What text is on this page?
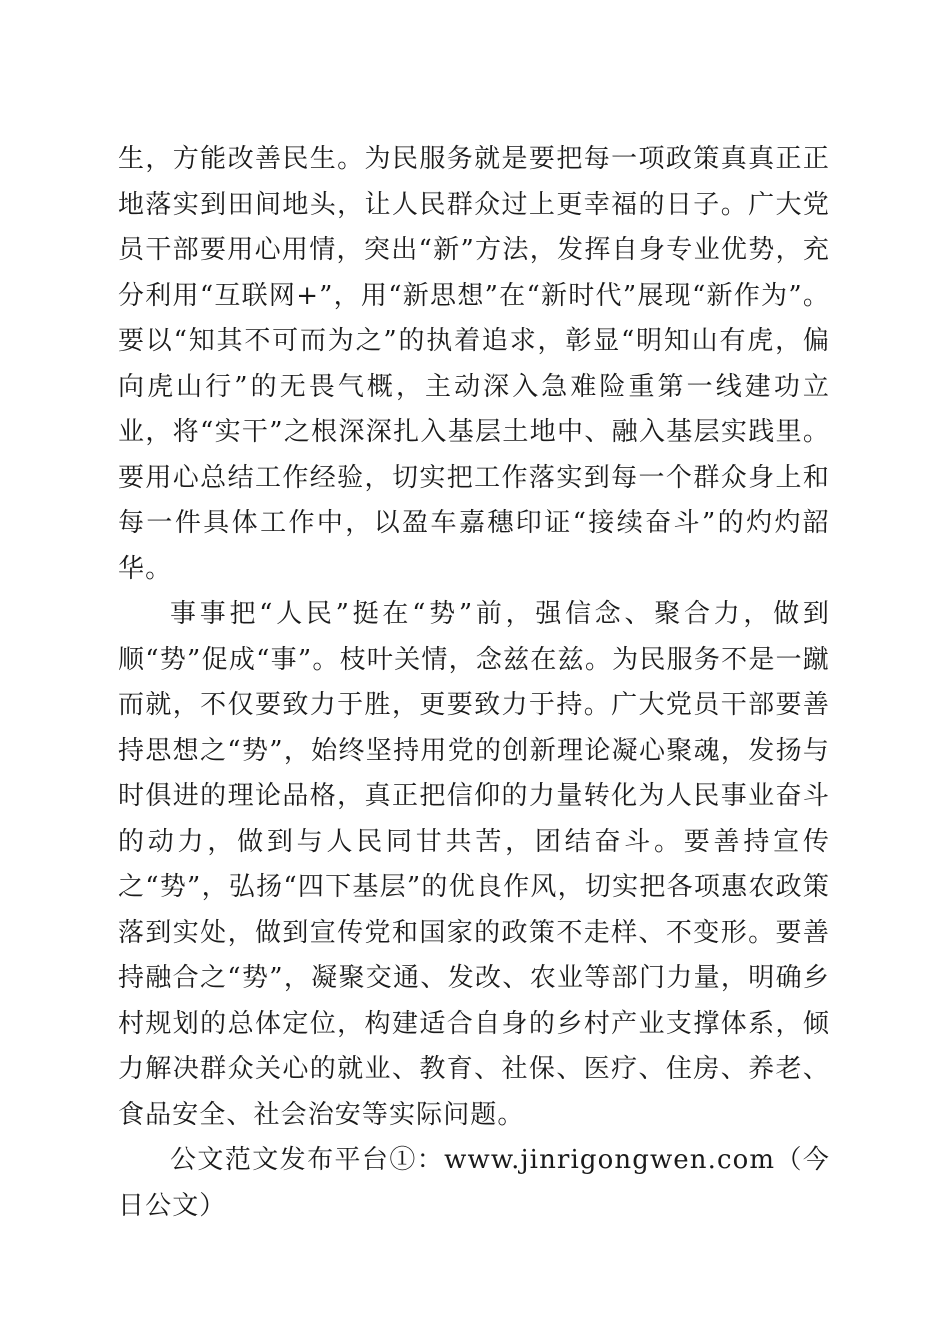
生，方能改善民生。为民服务就是要把每一项政策真真正正地落实到田间地头，让人民群众过上更幸福的日子。广大党员干部要用心用情，突出“新”方法，发挥自身专业优势，充分利用“互联网+”，用“新思想”在“新时代”展现“新作为”。要以“知其不可而为之”的执着追求，彰显“明知山有虎，偏向虎山行”的无畏气概，主动深入急难险重第一线建功立业，将“实干”之根深深扎入基层土地中、融入基层实践里。要用心总结工作经验，切实把工作落实到每一个群众身上和每一件具体工作中，以盈车嘉穗印证“接续奋斗”的灼灼韶华。

事事把“人民”挺在“势”前，强信念、聚合力，做到顺“势”促成“事”。枝叶关情，念兹在兹。为民服务不是一蹴而就，不仅要致力于胜，更要致力于持。广大党员干部要善持思想之“势”，始终坚持用党的创新理论凝心聚魂，发扬与时俱进的理论品格，真正把信仰的力量转化为人民事业奋斗的动力，做到与人民同甘共苦，团结奋斗。要善持宣传之“势”，弘扬“四下基层”的优良作风，切实把各项惠农政策落到实处，做到宣传党和国家的政策不走样、不变形。要善持融合之“势”，凝聚交通、发改、农业等部门力量，明确乡村规划的总体定位，构建适合自身的乡村产业支撑体系，倾力解决群众关心的就业、教育、社保、医疗、住房、养老、食品安全、社会治安等实际问题。

公文范文发布平台①：www.jinrigongwen.com（今日公文）
